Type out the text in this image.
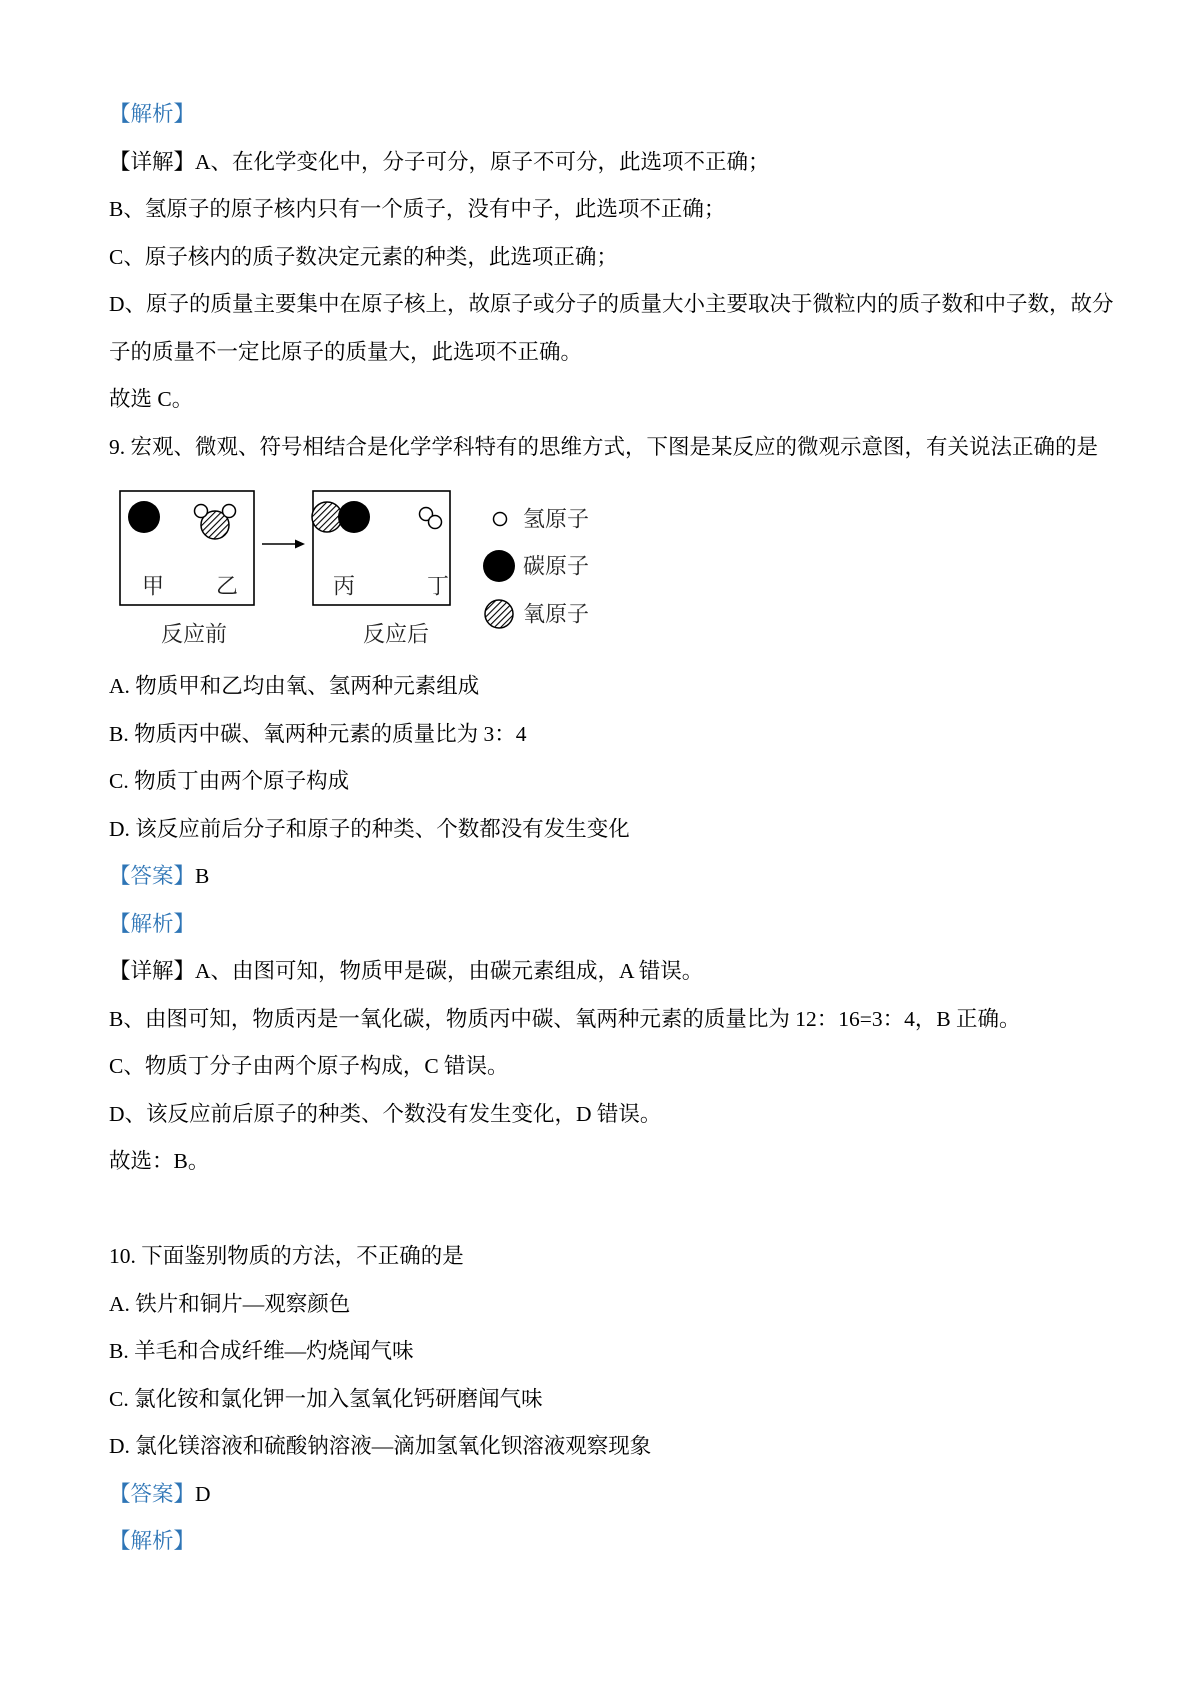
【解析】
【详解】A、在化学变化中，分子可分，原子不可分，此选项不正确；
B、氢原子的原子核内只有一个质子，没有中子，此选项不正确；
C、原子核内的质子数决定元素的种类，此选项正确；
D、原子的质量主要集中在原子核上，故原子或分子的质量大小主要取决于微粒内的质子数和中子数，故分
子的质量不一定比原子的质量大，此选项不正确。
故选 C。
9. 宏观、微观、符号相结合是化学学科特有的思维方式，下图是某反应的微观示意图，有关说法正确的是
甲 乙	丙	丁
反应前	反应后
氢原子
碳原子
氧原子
A. 物质甲和乙均由氧、氢两种元素组成
B. 物质丙中碳、氧两种元素的质量比为 3：4
C. 物质丁由两个原子构成
D. 该反应前后分子和原子的种类、个数都没有发生变化
【答案】B
【解析】
【详解】A、由图可知，物质甲是碳，由碳元素组成，A 错误。
B、由图可知，物质丙是一氧化碳，物质丙中碳、氧两种元素的质量比为 12：16=3：4，B 正确。
C、物质丁分子由两个原子构成，C 错误。
D、该反应前后原子的种类、个数没有发生变化，D 错误。
故选：B。
10. 下面鉴别物质的方法，不正确的是
A. 铁片和铜片—观察颜色
B. 羊毛和合成纤维—灼烧闻气味
C. 氯化铵和氯化钾一加入氢氧化钙研磨闻气味
D. 氯化镁溶液和硫酸钠溶液—滴加氢氧化钡溶液观察现象
【答案】D
【解析】
